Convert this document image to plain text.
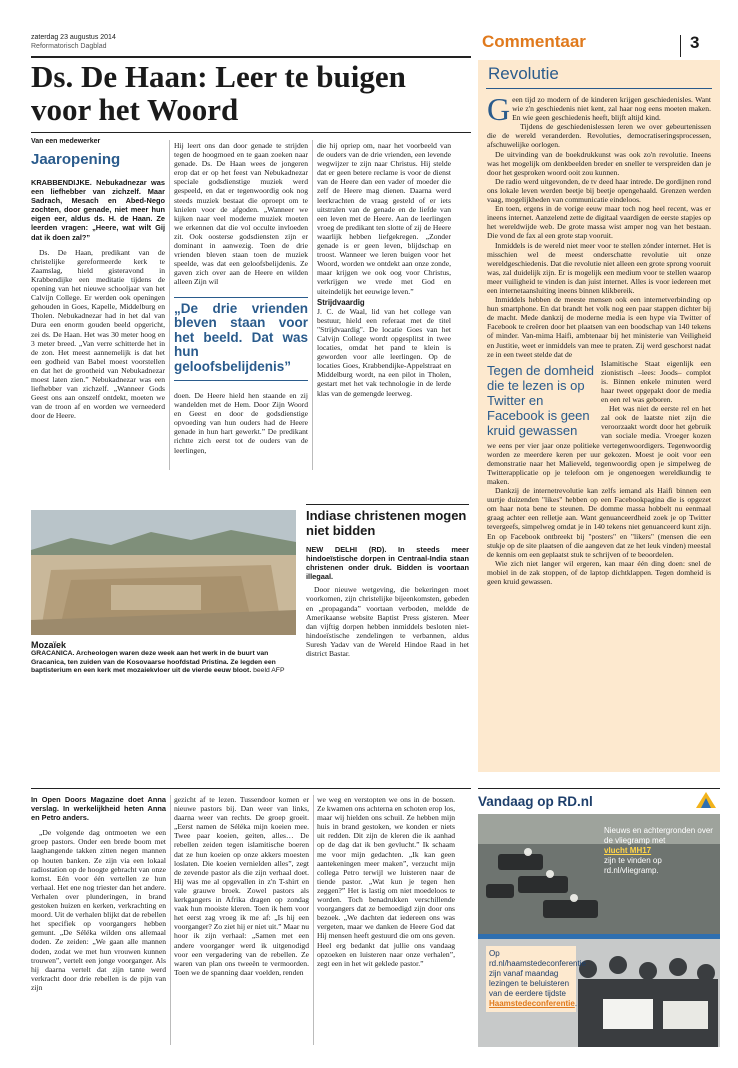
zaterdag 23 augustus 2014
Reformatorisch Dagblad	Commentaar	3
Ds. De Haan: Leer te buigen voor het Woord
Van een medewerker
Jaaropening

KRABBENDIJKE. Nebukadnezar was een liefhebber van zichzelf. Maar Sadrach, Mesach en Abed-Nego zochten, door genade, niet meer hun eigen eer, aldus ds. H. de Haan. Ze leerden vragen: „Heere, wat wilt Gij dat ik doen zal?”

Ds. De Haan, predikant van de christelijke gereformeerde kerk te Zaamslag, hield gisteravond in Krabbendijke een meditatie tijdens de opening van het nieuwe schooljaar van het Calvijn College. Er werden ook openingen gehouden in Goes, Kapelle, Middelburg en Tholen. Nebukadnezar had in het dal van Dura een enorm gouden beeld opgericht, zei ds. De Haan. Het was 30 meter hoog en 3 meter breed. „Van verre schitterde het in de zon. Het meest aannemelijk is dat het een godheid van Babel moest voorstellen en dat het de grootheid van Nebukadnezar moest laten zien.” Nebukadnezar was een liefhebber van zichzelf. „Wanneer Gods Geest ons aan onszelf ontdekt, moeten we van de troon af en worden we verneederd door de Heere.

Hij leert ons dan door genade te strijden tegen de hoogmoed en te gaan zoeken naar genade. Ds. De Haan wees de jongeren erop dat er op het feest van Nebukadnezar speciale godsdienstige muziek werd gespeeld, en dat er tegenwoordig ook nog steeds muziek bestaat die oproept om te knielen voor de afgoden. „Wanneer we kijken naar veel moderne muziek moeten we erkennen dat die vol occulte invloeden zit. Ook oosterse godsdiensten zijn er dominant in aanwezig. Toen de drie vrienden bleven staan toen de muziek speelde, was dat een geloofsbelijdenis. Ze gaven zich over aan de Heere en wilden alleen Zijn wil

„De drie vrienden bleven staan voor het beeld. Dat was hun geloofsbelijdenis”

doen. De Heere hield hen staande en zij wandelden met de Hem. Door Zijn Woord en Geest en door de godsdienstige opvoeding van hun ouders had de Heere genade in hun hart gewerkt.” De predikant richtte zich eerst tot de ouders van de leerlingen,

die hij opriep om, naar het voorbeeld van de ouders van de drie vrienden, een levende wegwijzer te zijn naar Christus. Hij stelde dat er geen betere reclame is voor de dienst van de Heere dan een vader of moeder die zelf de Heere mag dienen. Daarna werd leerkrachten de vraag gesteld of er iets uitstralen van de genade en de liefde van een leven met de Heere. Aan de leerlingen vroeg de predikant ten slotte of zij de Heere waarlijk hebben liefgekregen. „Zonder genade is er geen leven, blijdschap en troost. Wanneer we leren buigen voor het Woord, worden we ontdekt aan onze zonde, maar krijgen we ook oog voor Christus, verkrijgen we vrede met God en uiteindelijk het eeuwige leven.”

Strijdvaardig

J. C. de Waal, lid van het college van bestuur, hield een referaat met de titel "Strijdvaardig". De locatie Goes van het Calvijn College wordt opgesplitst in twee locaties, omdat het pand te klein is geworden voor alle leerlingen. Op de locaties Goes, Krabbendijke-Appelstraat en Middelburg wordt, na een pilot in Tholen, gestart met het vak technologie in de lerde klas van de gemengde leerweg.

Mozaïek
GRACANICA. Archeologen waren deze week aan het werk in de buurt van Gracanica, ten zuiden van de Kosovaarse hoofdstad Pristina. Ze legden een baptisterium en een kerk met mozaiekvloer uit de vierde eeuw bloot. beeld AFP
Indiase christenen mogen niet bidden

NEW DELHI (RD). In steeds meer hindoeïstische dorpen in Centraal-India staan christenen onder druk. Bidden is voortaan illegaal.

Door nieuwe wetgeving, die bekeringen moet voorkomen, zijn christelijke bijeenkomsten, gebeden en „propaganda” voortaan verboden, meldde de Amerikaanse website Baptist Press gisteren. Meer dan vijftig dorpen hebben inmiddels besloten niet-hindoeïstische zendelingen te verbannen, aldus Suresh Yadav van de Wereld Hindoe Raad in het district Bastar.

Revolutie

Geen tijd zo modern of de kinderen krijgen geschiedenisles. Want wie z'n geschiedenis niet kent, zal haar nog eens moeten maken. En wie geen geschiedenis heeft, blijft altijd kind.

Tijdens de geschiedenislessen leren we over gebeurtenissen die de wereld veranderden. Revoluties, democratiseringsprocessen, afschuwelijke oorlogen.

De uitvinding van de boekdrukkunst was ook zo'n revolutie. Ineens was het mogelijk om denkbeelden breder en sneller te verspreiden dan je door het gesproken woord ooit zou kunnen.

De radio werd uitgevonden, de tv deed haar intrede. De gordijnen rond ons lokale leven werden beetje bij beetje opengehaald. Grenzen werden vaag, mogelijkheden van communicatie eindeloos.

En toen, ergens in de vorige eeuw maar toch nog heel recent, was er ineens internet. Aanzelend zette de digitaal vaardigen de eerste stapjes op het wereldwijde web. De grote massa wist amper nog van het bestaan. Die vond de fax al een grote stap vooruit.

Inmiddels is de wereld niet meer voor te stellen zónder internet. Het is misschien wel de meest onderschatte revolutie uit onze wereldgeschiedenis. Dat die revolutie niet alleen een grote sprong vooruit was, zal duidelijk zijn. Er is mogelijk een medium voor te stellen waarop meer vuiligheid te vinden is dan juist internet. Alles is voor iedereen met een internetaansluiting ineens binnen klikbereik.

Inmiddels hebben de meeste mensen ook een internetverbinding op hun smartphone. En dat brandt het volk nog een paar stappen dichter bij de macht. Mede dankzij de moderne media is een hype via Twitter of Facebook te creëren door het plaatsen van een boodschap van 140 tekens of minder. Van-mima Haifi, ambtenaar bij het ministerie van Veiligheid en Justitie, weet er inmiddels van mee te praten. Zij werd geschorst nadat ze in een tweet stelde dat de

Tegen de domheid die te lezen is op Twitter en Facebook is geen kruid gewassen

Islamitische Staat eigenlijk een zionistisch –lees: Joods– complot is. Binnen enkele minuten werd haar tweet opgepakt door de media en een rel was geboren.

Het was niet de eerste rel en het zal ook de laatste niet zijn die veroorzaakt wordt door het gebruik van sociale media. Vroeger kozen we eens per vier jaar onze politieke vertegenwoordigers. Tegenwoordig worden ze meerdere keren per uur gekozen. Moest je ooit voor een demonstratie naar het Malieveld, tegenwoordig open je simpelweg de Twitterapplicatie op je telefoon om je ongenoegen wereldkundig te maken.

Dankzij de internetrevolutie kan zelfs iemand als Haifi binnen een uurtje duizenden "likes" hebben op een Facebookpagina die is opgezet om haar nota bene te steunen. De domme massa hobbelt nu eenmaal graag achter een relletje aan. Want genuanceerdheid zoek je op Twitter tevergeefs, simpelweg omdat je in 140 tekens niet genuanceerd kunt zijn. En op Facebook ontbreekt bij "posters" en "likers" (mensen die een stukje op de site plaatsen of die aangeven dat ze het leuk vinden) meestal de kennis om een geplaatst stuk te schrijven of te beoordelen.

Wie zich niet langer wil ergeren, kan maar één ding doen: snel de mobiel in de zak stoppen, of de laptop dichtklappen. Tegen domheid is geen kruid gewassen.

In Open Doors Magazine doet Anna verslag. In werkelijkheid heten Anna en Petro anders.

„De volgende dag ontmoeten we een groep pastors. Onder een brede boom met laaghangende takken zitten negen mannen op houten banken. Ze zijn via een lokaal radiostation op de hoogte gebracht van onze komst. Eén voor één vertellen ze hun verhaal. Het ene nog triester dan het andere. Verhalen over plunderingen, in brand gestoken huizen en kerken, verkrachting en moord. Uit de verhalen blijkt dat de rebellen het specifiek op voorgangers hebben gemunt. „De Séléka wilden ons allemaal doden. Ze zeiden: „We gaan alle mannen doden, zodat we met hun vrouwen kunnen trouwen”, vertelt een jonge voorganger. Als hij daarna vertelt dat zijn tante werd verkracht door drie rebellen is de pijn van zijn

gezicht af te lezen. Tussendoor komen er nieuwe pastors bij. Dan weer van links, daarna weer van rechts. De groep groeit. „Eerst namen de Séléka mijn koeien mee. Twee paar koeien, geiten, alles… De rebellen zeiden tegen islamitische boeren dat ze hun koeien op onze akkers moesten loslaten. Die koeien vernielden alles”, zegt de zevende pastor als die zijn verhaal doet. Hij was me al opgevallen in z'n T-shirt en vale grauwe broek. Zowel pastors als kerkgangers in Afrika dragen op zondag vaak hun mooiste kleren. Toen ik hem voor het eerst zag vroeg ik me af: „Is hij een voorganger? Zo ziet hij er niet uit.” Maar nu hoor ik zijn verhaal: „Samen met een andere voorganger werd ik uitgenodigd voor een vergadering van de rebellen. Ze waren van plan ons tweeën te vermoorden. Toen we de spanning daar voelden, renden

we weg en verstopten we ons in de bossen. Ze kwamen ons achterna en schoten erop los, maar wij hielden ons schuil. Ze hebben mijn huis in brand gestoken, we konden er niets uit redden. Dit zijn de kleren die ik aanhad op de dag dat ik ben gevlucht.” Ik schaam me voor mijn gedachten. „Ik kan geen aantekeningen meer maken”, verzucht mijn collega Petro terwijl we luisteren naar de tiende pastor. „Wat kun je tegen hen zeggen?” Het is lastig om niet moedeloos te worden. Toch benadrukken verschillende voorgangers dat ze bemoedigd zijn door ons bezoek. „We dachten dat iedereen ons was vergeten, maar we danken de Heere God dat Hij mensen heeft gestuurd die om ons geven. Heel erg bedankt dat jullie ons vandaag opzoeken en luisteren naar onze verhalen”, zegt een in het wit geklede pastor.”

Vandaag op RD.nl
Nieuws en achtergronden over de vliegramp met
vlucht MH17
zijn te vinden op rd.nl/vliegramp.
Op rd.nl/haamstedeconferentie zijn vanaf maandag lezingen te beluisteren van de eerdere tijdste Haamstedeconferentie.
